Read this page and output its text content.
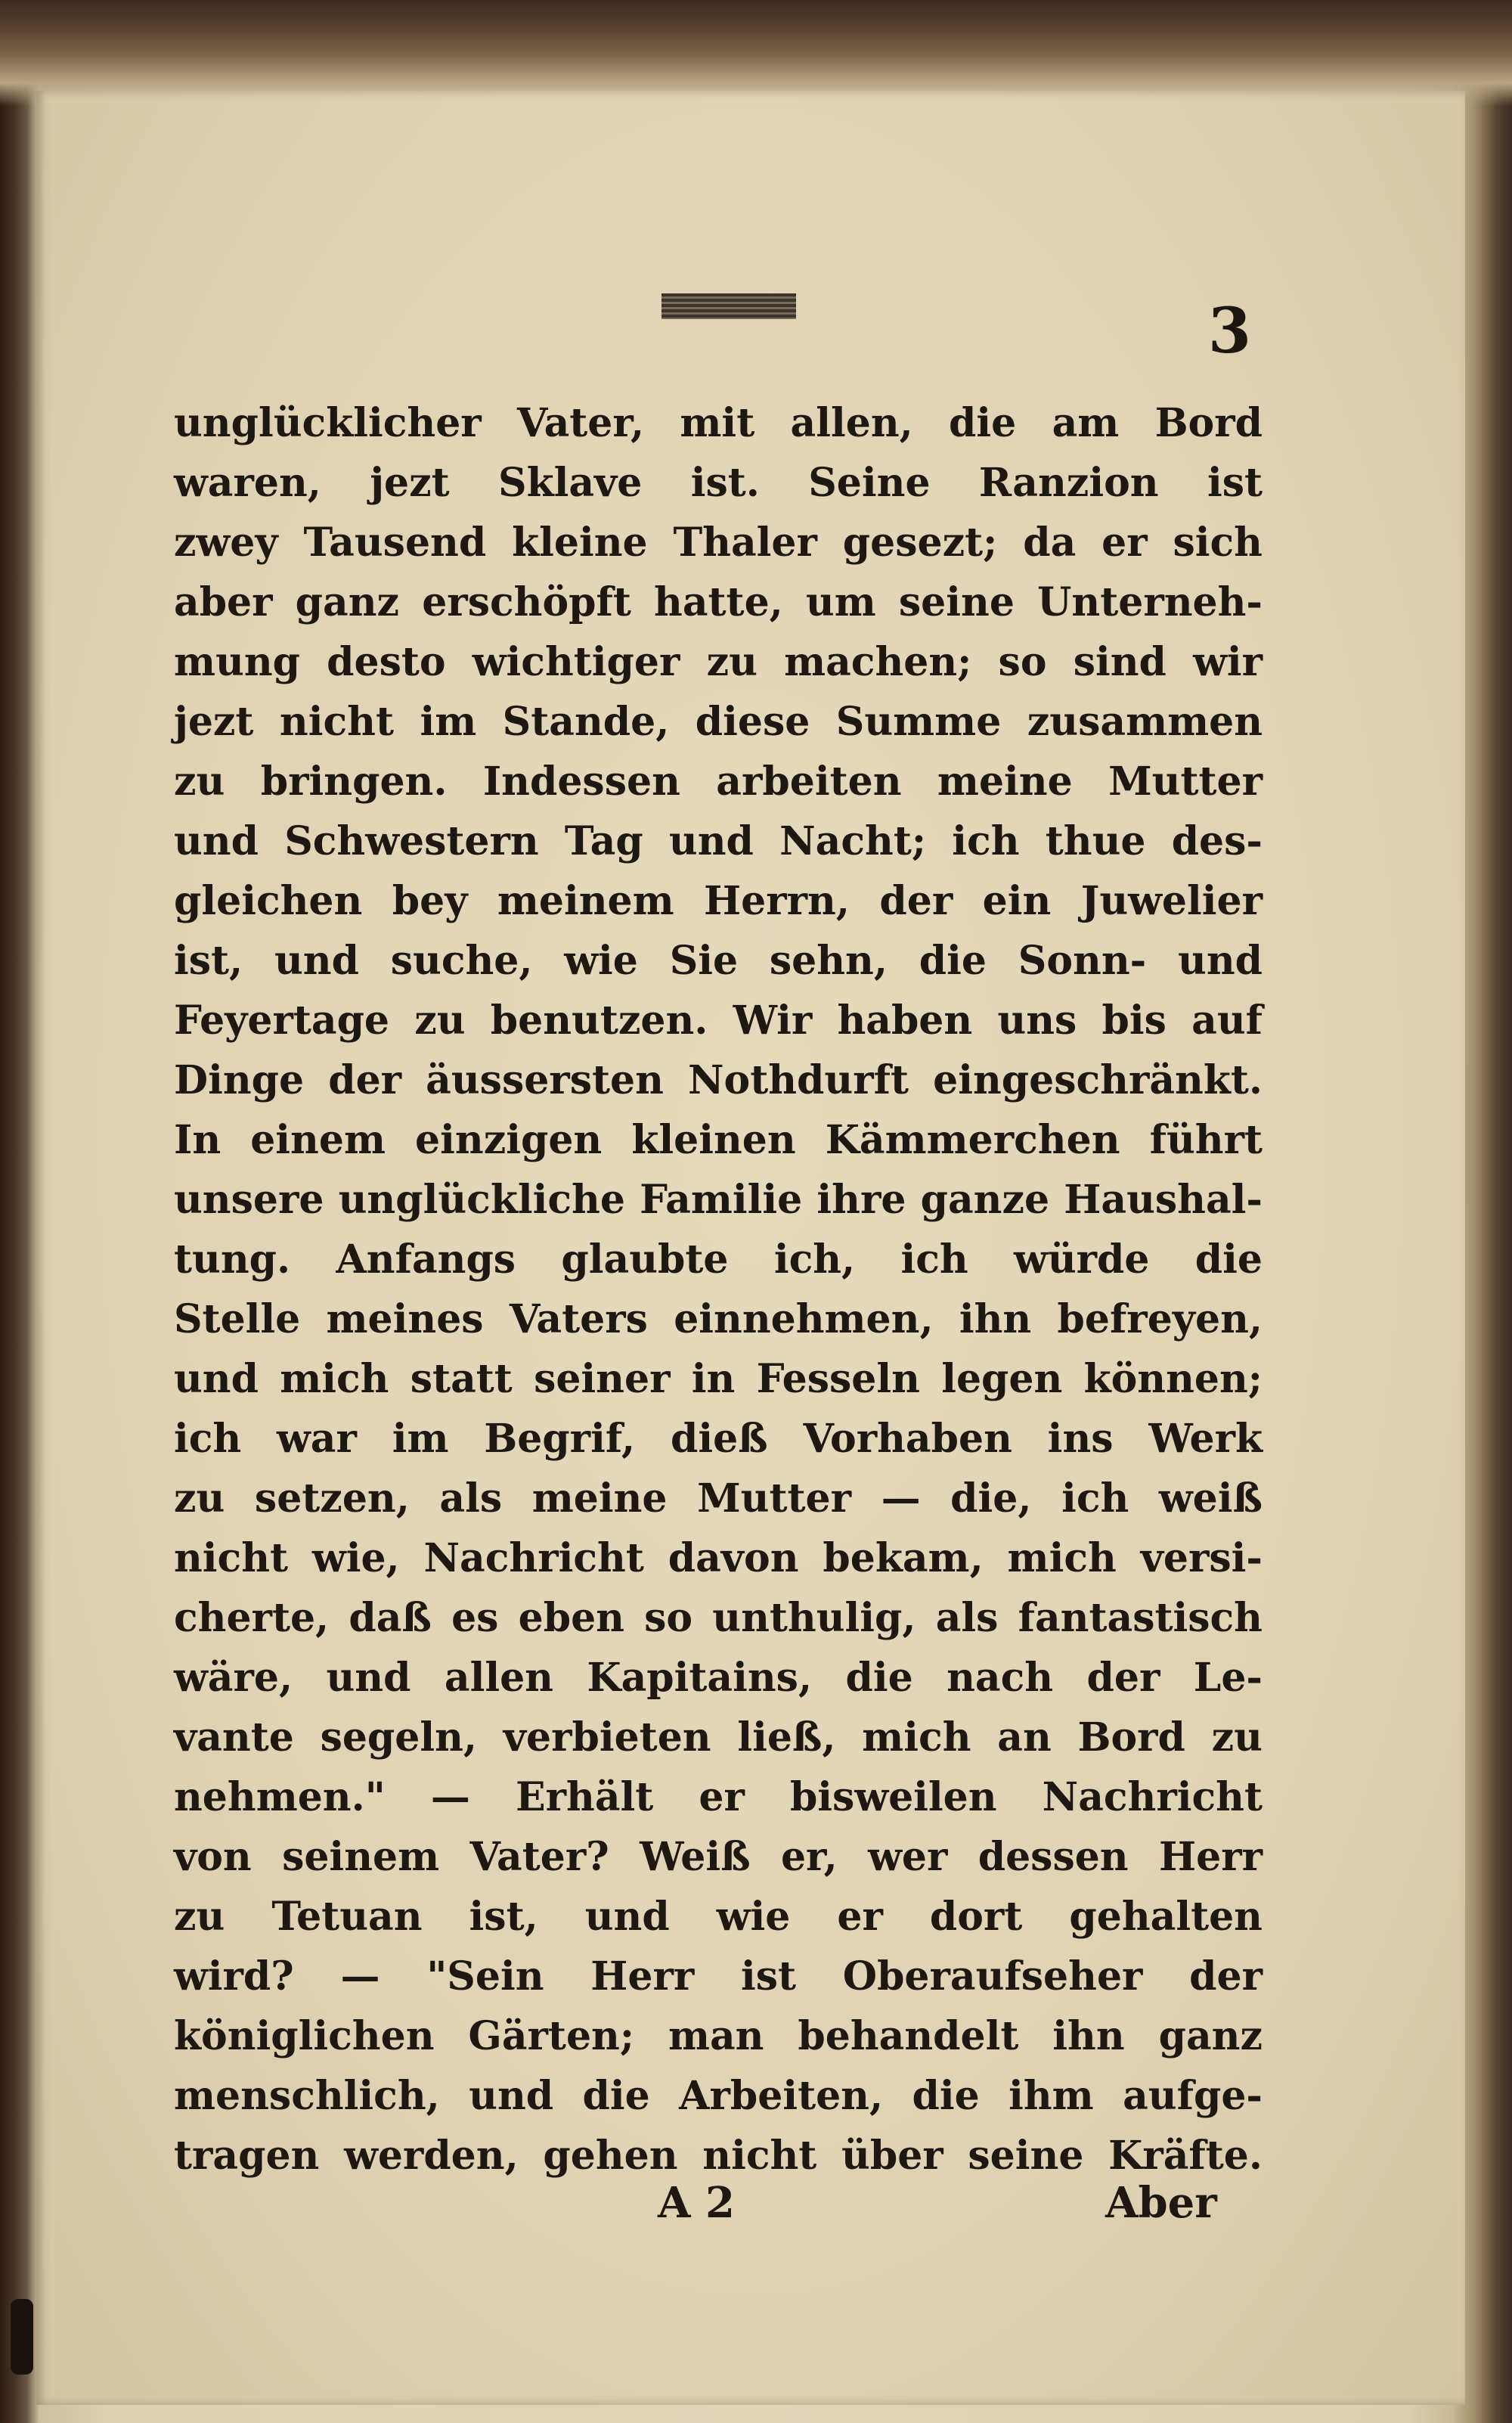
3
unglücklicher Vater, mit allen, die am Bord
waren, jezt Sklave ist. Seine Ranzion ist
zwey Tausend kleine Thaler gesezt; da er sich
aber ganz erschöpft hatte, um seine Unterneh-
mung desto wichtiger zu machen; so sind wir
jezt nicht im Stande, diese Summe zusammen
zu bringen. Indessen arbeiten meine Mutter
und Schwestern Tag und Nacht; ich thue des-
gleichen bey meinem Herrn, der ein Juwelier
ist, und suche, wie Sie sehn, die Sonn- und
Feyertage zu benutzen. Wir haben uns bis auf
Dinge der äussersten Nothdurft eingeschränkt.
In einem einzigen kleinen Kämmerchen führt
unsere unglückliche Familie ihre ganze Haushal-
tung. Anfangs glaubte ich, ich würde die
Stelle meines Vaters einnehmen, ihn befreyen,
und mich statt seiner in Fesseln legen können;
ich war im Begrif, dieß Vorhaben ins Werk
zu setzen, als meine Mutter — die, ich weiß
nicht wie, Nachricht davon bekam, mich versi-
cherte, daß es eben so unthulig, als fantastisch
wäre, und allen Kapitains, die nach der Le-
vante segeln, verbieten ließ, mich an Bord zu
nehmen." — Erhält er bisweilen Nachricht
von seinem Vater? Weiß er, wer dessen Herr
zu Tetuan ist, und wie er dort gehalten
wird? — "Sein Herr ist Oberaufseher der
königlichen Gärten; man behandelt ihn ganz
menschlich, und die Arbeiten, die ihm aufge-
tragen werden, gehen nicht über seine Kräfte.
A 2	Aber
